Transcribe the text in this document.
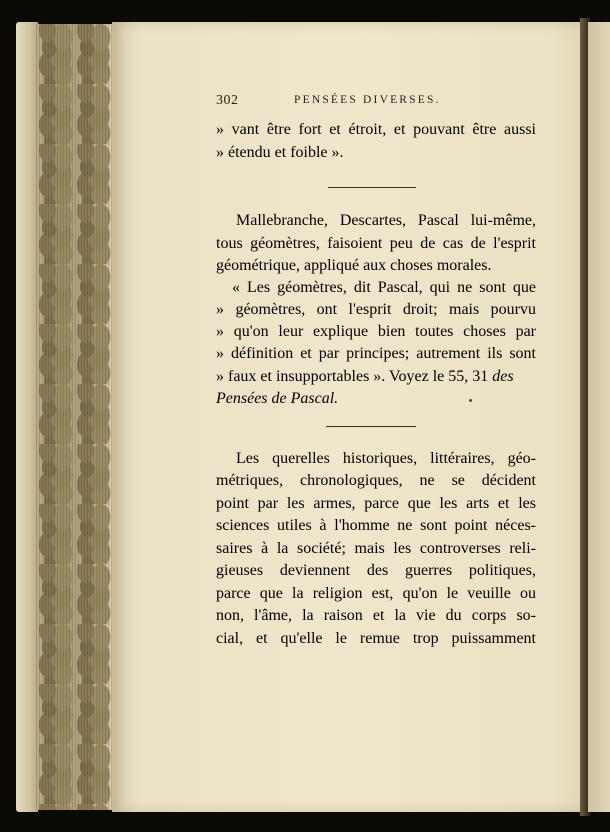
302	PENSÉES DIVERSES.
» vant être fort et étroit, et pouvant être aussi
» étendu et foible ».
Mallebranche, Descartes, Pascal lui-même,
tous géomètres, faisoient peu de cas de l'esprit
géométrique, appliqué aux choses morales.
« Les géomètres, dit Pascal, qui ne sont que
» géomètres, ont l'esprit droit; mais pourvu
» qu'on leur explique bien toutes choses par
» définition et par principes; autrement ils sont
» faux et insupportables ». Voyez le 55, 31 des
Pensées de Pascal.
Les querelles historiques, littéraires, géo-
métriques, chronologiques, ne se décident
point par les armes, parce que les arts et les
sciences utiles à l'homme ne sont point néces-
saires à la société; mais les controverses reli-
gieuses deviennent des guerres politiques,
parce que la religion est, qu'on le veuille ou
non, l'âme, la raison et la vie du corps so-
cial, et qu'elle le remue trop puissamment
